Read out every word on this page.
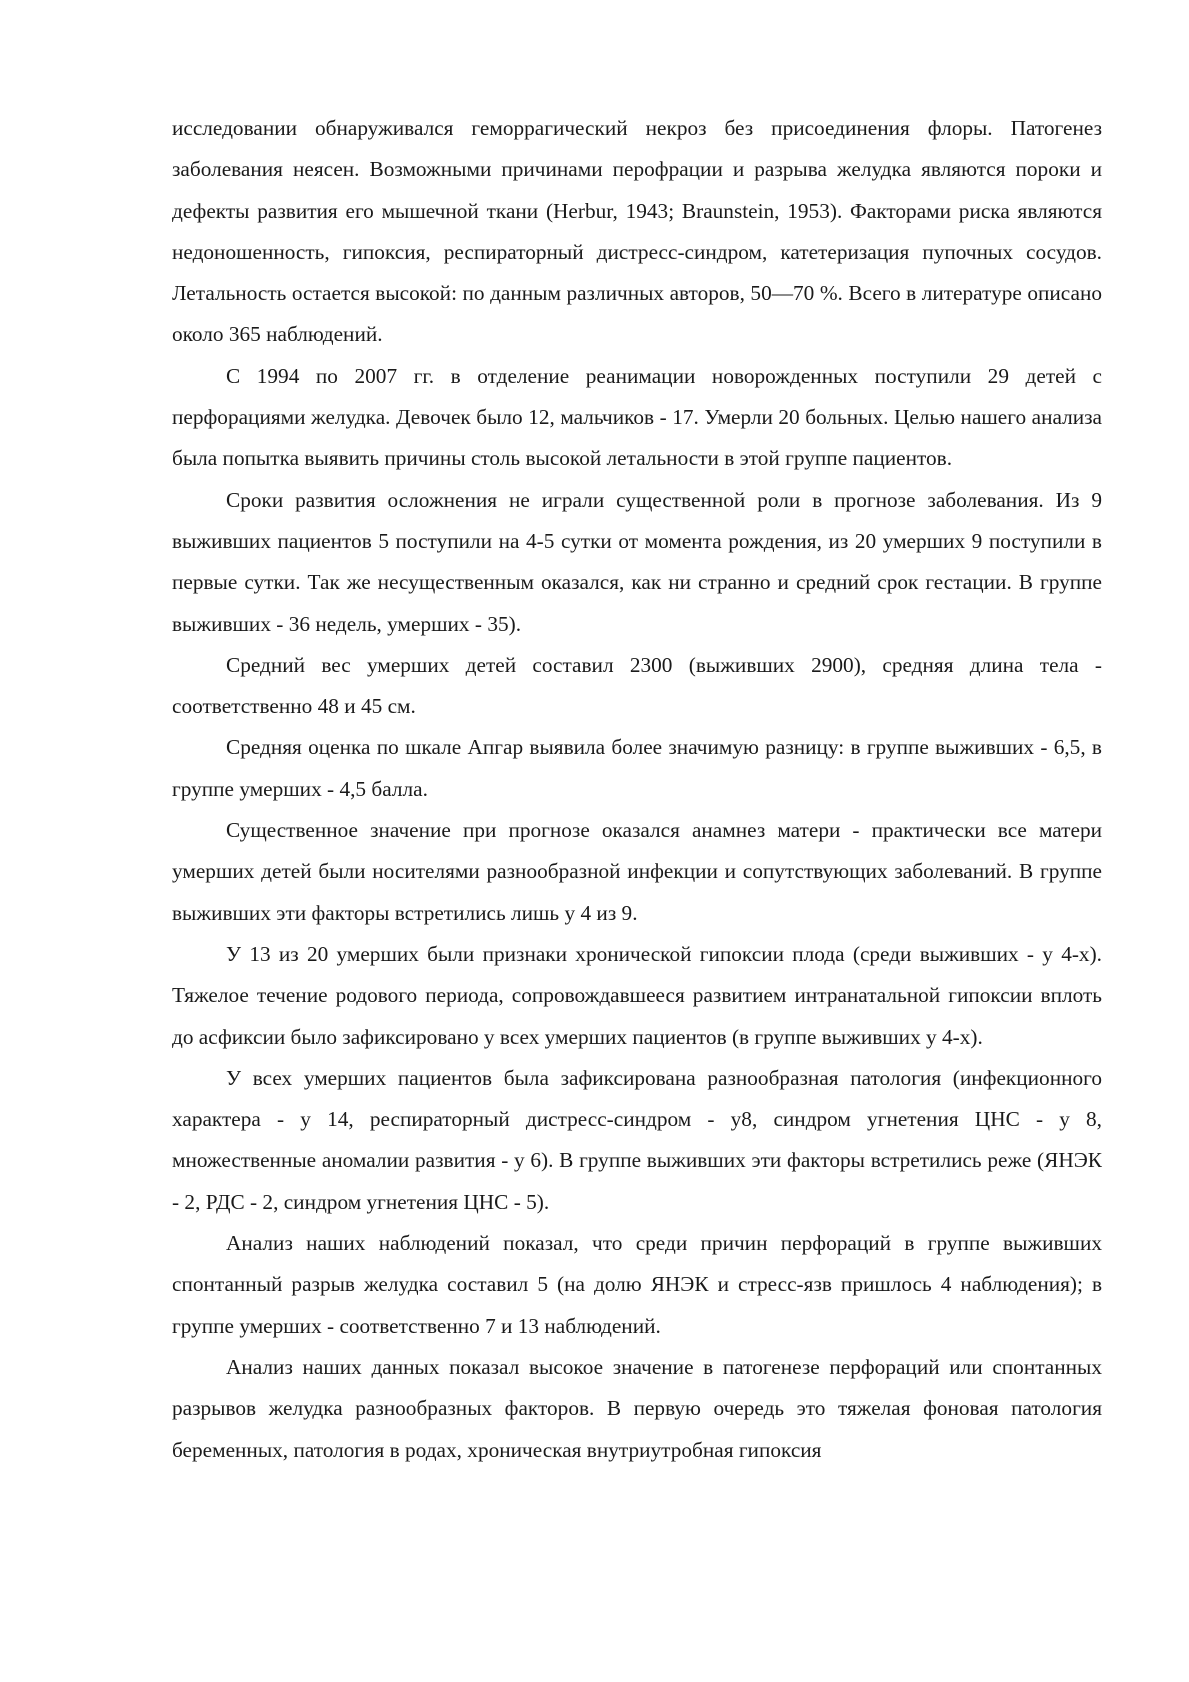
исследовании обнаруживался геморрагический некроз без присоединения флоры. Патогенез заболевания неясен. Возможными причинами перофрации и разрыва желудка являются пороки и дефекты развития его мышечной ткани (Herbur, 1943; Braunstein, 1953). Факторами риска являются недоношенность, гипоксия, респираторный дистресс-синдром, катетеризация пупочных сосудов. Летальность остается высокой: по данным различных авторов, 50—70 %. Всего в литературе описано около 365 наблюдений.

С 1994 по 2007 гг. в отделение реанимации новорожденных поступили 29 детей с перфорациями желудка. Девочек было 12, мальчиков - 17. Умерли 20 больных. Целью нашего анализа была попытка выявить причины столь высокой летальности в этой группе пациентов.

Сроки развития осложнения не играли существенной роли в прогнозе заболевания. Из 9 выживших пациентов 5 поступили на 4-5 сутки от момента рождения, из 20 умерших 9 поступили в первые сутки. Так же несущественным оказался, как ни странно и средний срок гестации. В группе выживших - 36 недель, умерших - 35).

Средний вес умерших детей составил 2300 (выживших 2900), средняя длина тела - соответственно 48 и 45 см.

Средняя оценка по шкале Апгар выявила более значимую разницу: в группе выживших - 6,5, в группе умерших - 4,5 балла.

Существенное значение при прогнозе оказался анамнез матери - практически все матери умерших детей были носителями разнообразной инфекции и сопутствующих заболеваний. В группе выживших эти факторы встретились лишь у 4 из 9.

У 13 из 20 умерших были признаки хронической гипоксии плода (среди выживших - у 4-х). Тяжелое течение родового периода, сопровождавшееся развитием интранатальной гипоксии вплоть до асфиксии было зафиксировано у всех умерших пациентов (в группе выживших у 4-х).

У всех умерших пациентов была зафиксирована разнообразная патология (инфекционного характера - у 14, респираторный дистресс-синдром - у8, синдром угнетения ЦНС - у 8, множественные аномалии развития - у 6). В группе выживших эти факторы встретились реже (ЯНЭК - 2, РДС - 2, синдром угнетения ЦНС - 5).

Анализ наших наблюдений показал, что среди причин перфораций в группе выживших спонтанный разрыв желудка составил 5 (на долю ЯНЭК и стресс-язв пришлось 4 наблюдения); в группе умерших - соответственно 7 и 13 наблюдений.

Анализ наших данных показал высокое значение в патогенезе перфораций или спонтанных разрывов желудка разнообразных факторов. В первую очередь это тяжелая фоновая патология беременных, патология в родах, хроническая внутриутробная гипоксия
